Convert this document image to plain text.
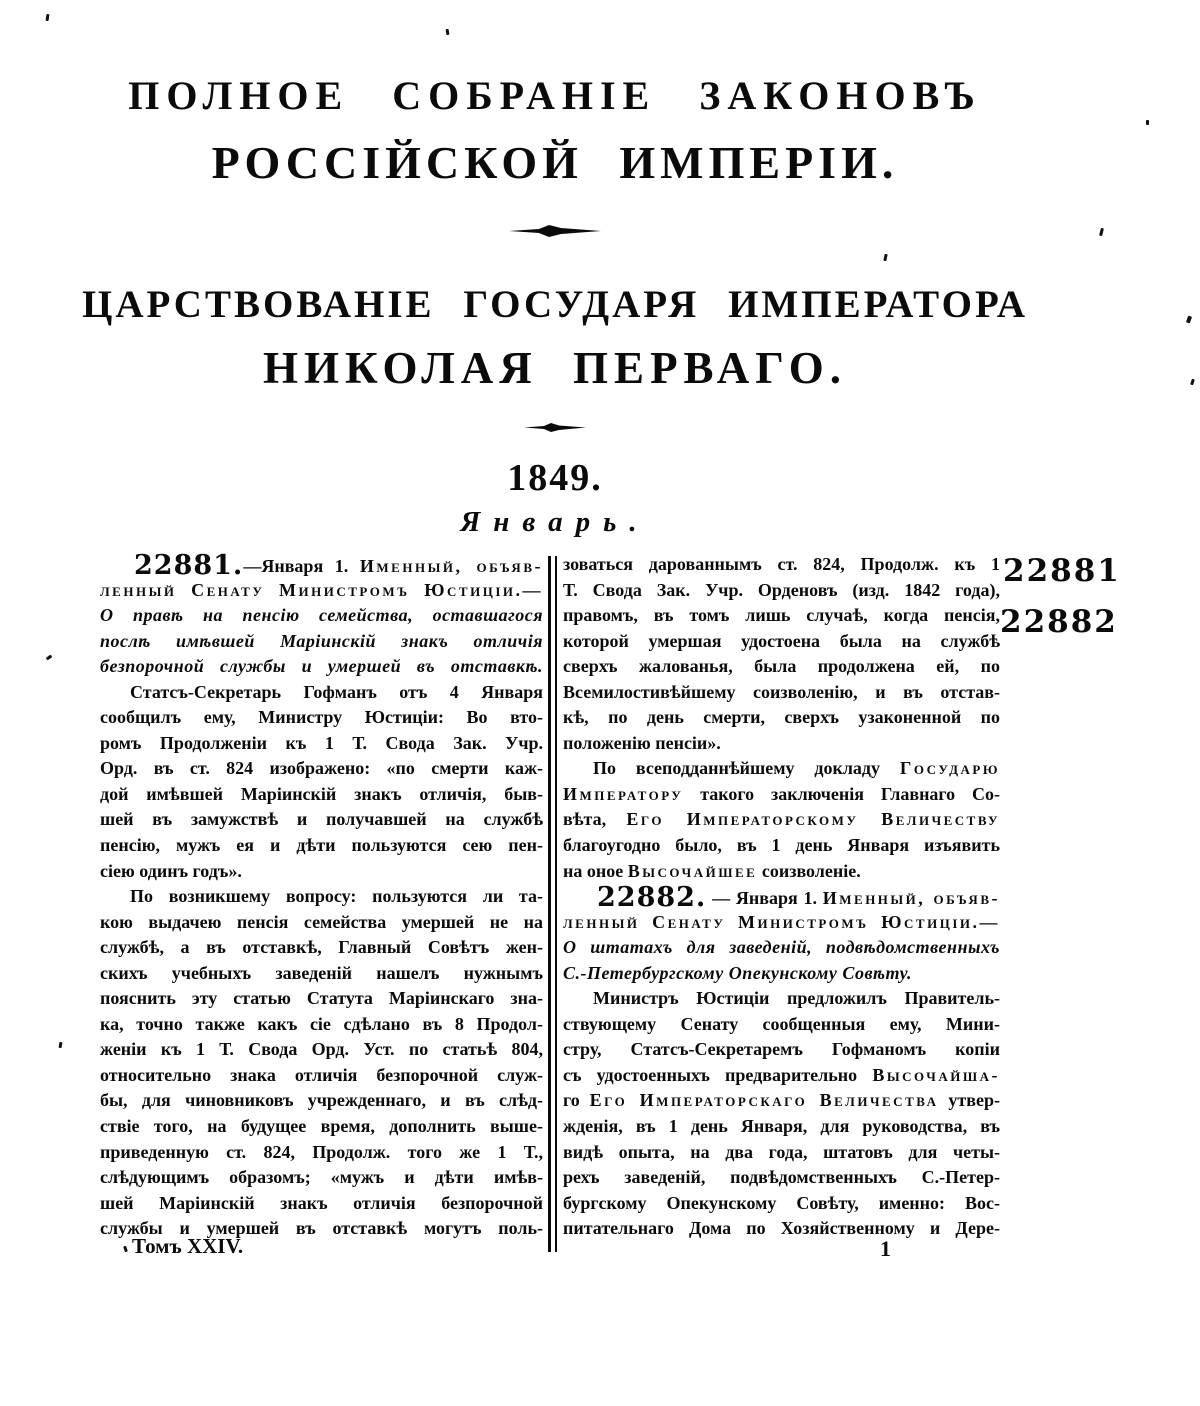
ПОЛНОЕ СОБРАНІЕ ЗАКОНОВЪ
РОССІЙСКОЙ ИМПЕРІИ.
ЦАРСТВОВАНІЕ ГОСУДАРЯ ИМПЕРАТОРА
НИКОЛАЯ ПЕРВАГО.
1849.
Январь.
22881.—Января 1. Именный, объяв-
ленный Сенату Министромъ Юстиціи.—
О правѣ на пенсію семейства, оставшагося
послѣ имѣвшей Маріинскій знакъ отличія
безпорочной службы и умершей въ отставкѣ.
Статсъ-Секретарь Гофманъ отъ 4 Января
сообщилъ ему, Министру Юстиціи: Во вто-
ромъ Продолженіи къ 1 Т. Свода Зак. Учр.
Орд. въ ст. 824 изображено: «по смерти каж-
дой имѣвшей Маріинскій знакъ отличія, быв-
шей въ замужствѣ и получавшей на службѣ
пенсію, мужъ ея и дѣти пользуются сею пен-
сіею одинъ годъ».
По возникшему вопросу: пользуются ли та-
кою выдачею пенсія семейства умершей не на
службѣ, а въ отставкѣ, Главный Совѣтъ жен-
скихъ учебныхъ заведеній нашелъ нужнымъ
пояснить эту статью Статута Маріинскаго зна-
ка, точно также какъ сіе сдѣлано въ 8 Продол-
женіи къ 1 Т. Свода Орд. Уст. по статьѣ 804,
относительно знака отличія безпорочной служ-
бы, для чиновниковъ учрежденнаго, и въ слѣд-
ствіе того, на будущее время, дополнить выше-
приведенную ст. 824, Продолж. того же 1 Т.,
слѣдующимъ образомъ; «мужъ и дѣти имѣв-
шей Маріинскій знакъ отличія безпорочной
службы и умершей въ отставкѣ могутъ поль-
зоваться дарованнымъ ст. 824, Продолж. къ 1
Т. Свода Зак. Учр. Орденовъ (изд. 1842 года),
правомъ, въ томъ лишь случаѣ, когда пенсія,
которой умершая удостоена была на службѣ
сверхъ жалованья, была продолжена ей, по
Всемилостивѣйшему соизволенію, и въ отстав-
кѣ, по день смерти, сверхъ узаконенной по
положенію пенсіи».
По всеподданнѣйшему докладу Государю
Императору такого заключенія Главнаго Со-
вѣта, Его Императорскому Величеству
благоугодно было, въ 1 день Января изъявить
на оное Высочайшее соизволеніе.
22882. — Января 1. Именный, объяв-
ленный Сенату Министромъ Юстиціи.—
О штатахъ для заведеній, подвѣдомственныхъ
С.-Петербургскому Опекунскому Совѣту.
Министръ Юстиціи предложилъ Правитель-
ствующему Сенату сообщенныя ему, Мини-
стру, Статсъ-Секретаремъ Гофманомъ копіи
съ удостоенныхъ предварительно Высочайша-
го Его Императорскаго Величества утвер-
жденія, въ 1 день Января, для руководства, въ
видѣ опыта, на два года, штатовъ для четы-
рехъ заведеній, подвѣдомственныхъ С.-Петер-
бургскому Опекунскому Совѣту, именно: Вос-
питательнаго Дома по Хозяйственному и Дере-
22881
22882
Томъ XXIV.	1
